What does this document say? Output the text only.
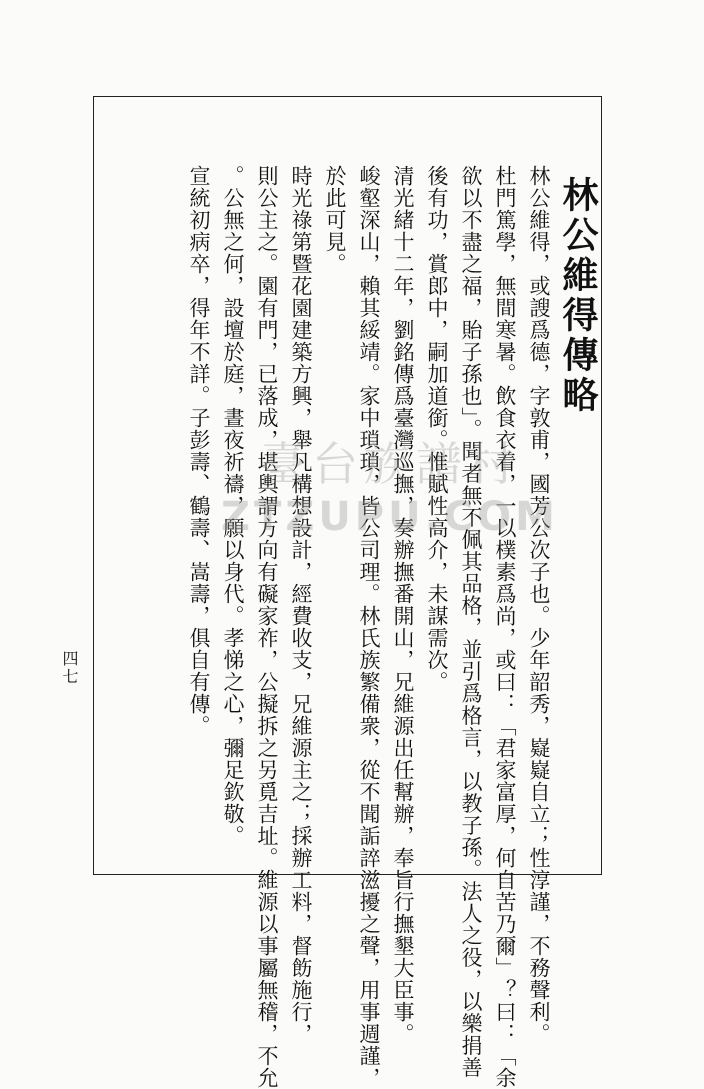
林公維得傳略
林公維得，或謏爲德，字敦甫，國芳公次子也。少年韶秀，嶷嶷自立；性淳謹，不務聲利。
杜門篤學，無間寒暑。飲食衣着，一以樸素爲尚，或曰：「君家富厚，何自苦乃爾」？曰：「余
欲以不盡之福，貽子孫也」。聞者無不佩其品格，並引爲格言，以教子孫。法人之役，以樂捐善
後有功，賞郎中，嗣加道銜。惟賦性高介，未謀需次。
清光緒十二年，劉銘傳爲臺灣巡撫，奏辦撫番開山，兄維源出任幫辦，奉旨行撫墾大臣事。
峻壑深山，賴其綏靖。家中瑣瑣，皆公司理。林氏族繁備衆，從不聞詬誶滋擾之聲，用事週謹，
於此可見。
時光祿第暨花園建築方興，舉凡構想設計，經費收支，兄維源主之；採辦工料，督飭施行，
則公主之。園有門，已落成，堪輿謂方向有礙家祚，公擬拆之另覓吉址。維源以事屬無稽，不允
。公無之何，設壇於庭，晝夜祈禱，願以身代。孝悌之心，彌足欽敬。
宣統初病卒，得年不詳。子彭壽、鶴壽、嵩壽，俱自有傳。
四七
臺台族譜村
ZTZUPU.COM
